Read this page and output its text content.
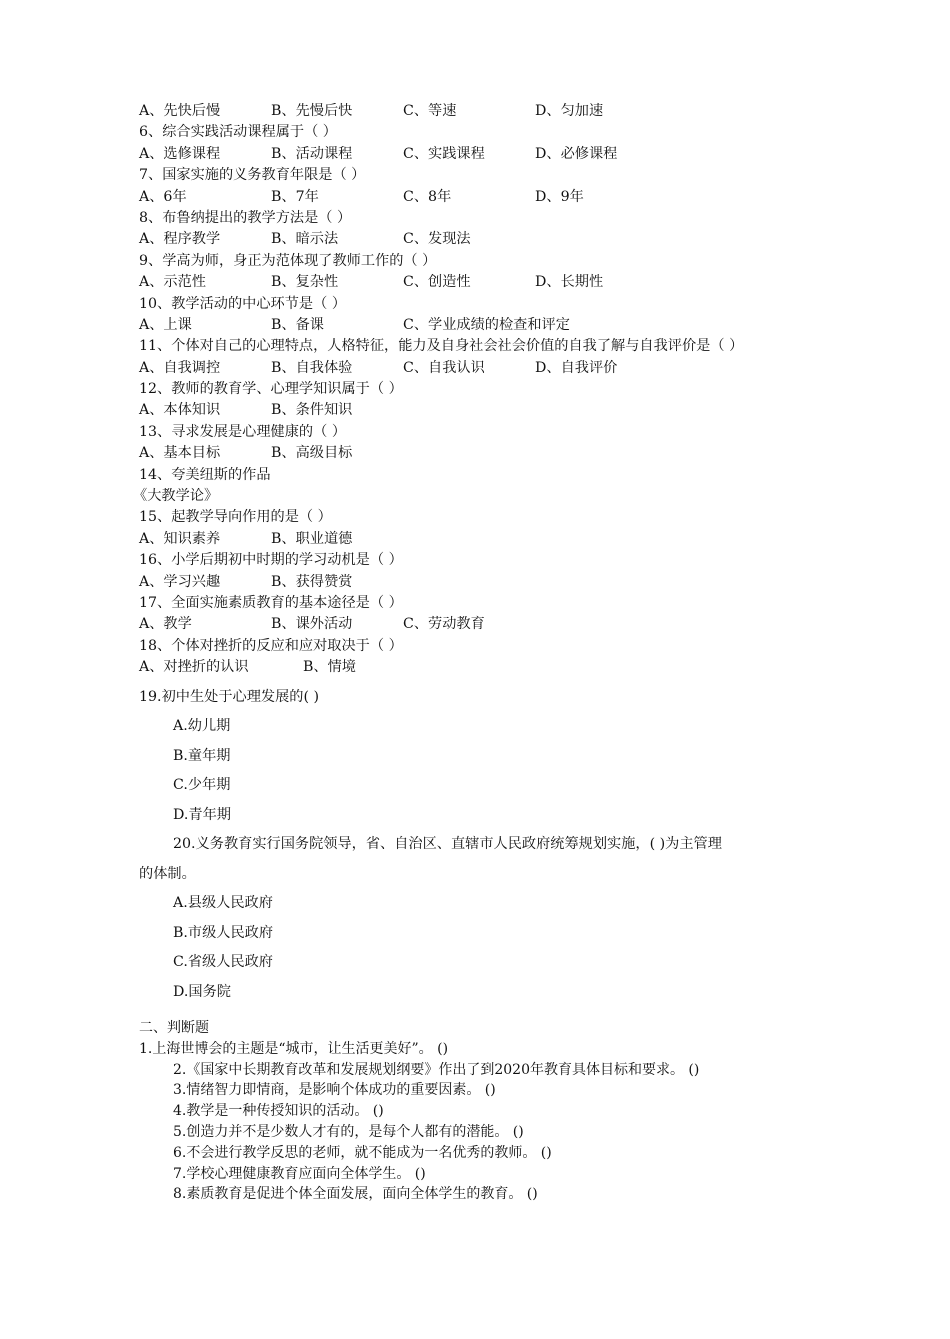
A、先快后慢	B、先慢后快	C、等速	D、匀加速
6、综合实践活动课程属于（ ）
A、选修课程	B、活动课程	C、实践课程	D、必修课程
7、国家实施的义务教育年限是（ ）
A、6年	B、7年	C、8年	D、9年
8、布鲁纳提出的教学方法是（ ）
A、程序教学	B、暗示法	C、发现法
9、学高为师，身正为范体现了教师工作的（ ）
A、示范性	B、复杂性	C、创造性	D、长期性
10、教学活动的中心环节是（ ）
A、上课	B、备课	C、学业成绩的检查和评定
11、个体对自己的心理特点，人格特征，能力及自身社会社会价值的自我了解与自我评价是（ ）
A、自我调控	B、自我体验	C、自我认识	D、自我评价
12、教师的教育学、心理学知识属于（ ）
A、本体知识	B、条件知识
13、寻求发展是心理健康的（ ）
A、基本目标	B、高级目标
14、夸美纽斯的作品
《大教学论》
15、起教学导向作用的是（ ）
A、知识素养	B、职业道德
16、小学后期初中时期的学习动机是（ ）
A、学习兴趣	B、获得赞赏
17、全面实施素质教育的基本途径是（ ）
A、教学	B、课外活动	C、劳动教育
18、个体对挫折的反应和应对取决于（ ）
A、对挫折的认识	B、情境
19.初中生处于心理发展的( )
A.幼儿期
B.童年期
C.少年期
D.青年期
20.义务教育实行国务院领导，省、自治区、直辖市人民政府统筹规划实施，( )为主管理
的体制。
A.县级人民政府
B.市级人民政府
C.省级人民政府
D.国务院
二、判断题
1.上海世博会的主题是“城市，让生活更美好”。 ()
2.《国家中长期教育改革和发展规划纲要》作出了到2020年教育具体目标和要求。 ()
3.情绪智力即情商，是影响个体成功的重要因素。 ()
4.教学是一种传授知识的活动。 ()
5.创造力并不是少数人才有的，是每个人都有的潜能。 ()
6.不会进行教学反思的老师，就不能成为一名优秀的教师。 ()
7.学校心理健康教育应面向全体学生。 ()
8.素质教育是促进个体全面发展，面向全体学生的教育。 ()
